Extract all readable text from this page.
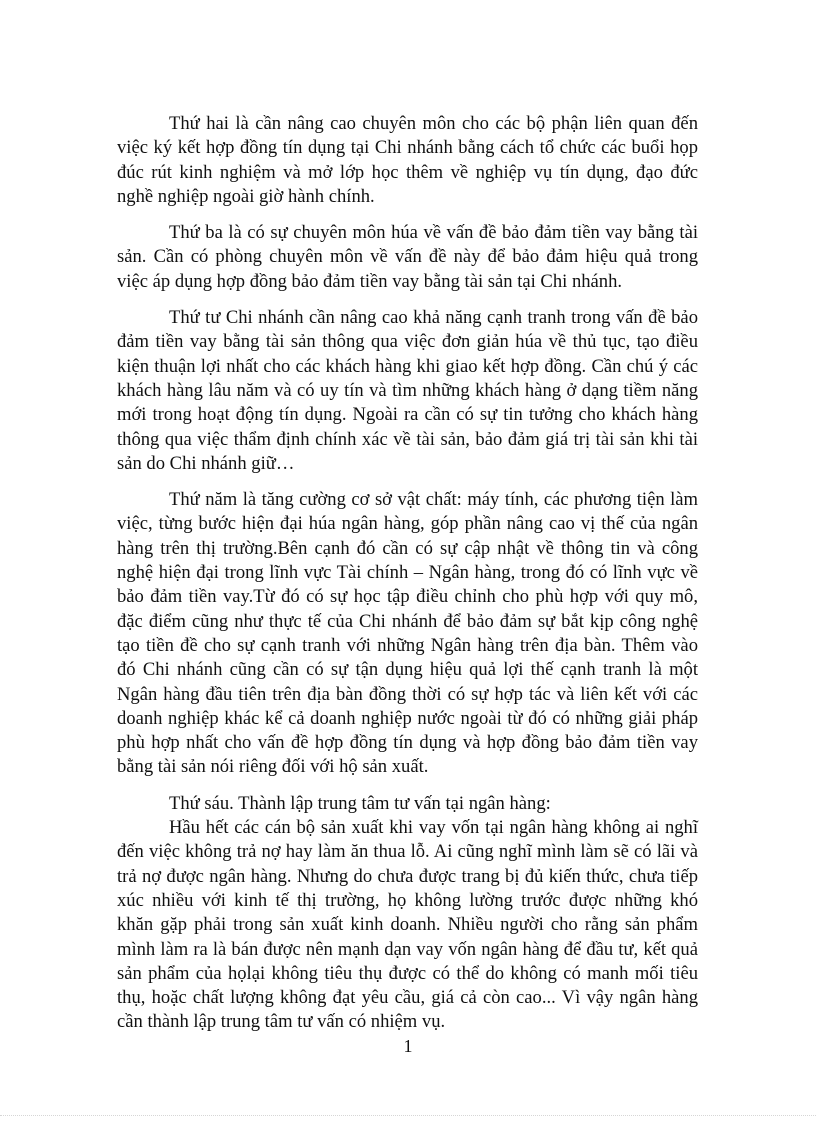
Thứ hai là cần nâng cao chuyên môn cho các bộ phận liên quan đến
việc ký kết hợp đồng tín dụng tại Chi nhánh bằng cách tổ chức các buổi họp
đúc rút kinh nghiệm và mở lớp học thêm về nghiệp vụ tín dụng, đạo đức
nghề nghiệp ngoài giờ hành chính.
Thứ ba là có sự chuyên môn húa về vấn đề bảo đảm tiền vay bằng tài
sản. Cần có phòng chuyên môn về vấn đề này để bảo đảm hiệu quả trong
việc áp dụng hợp đồng bảo đảm tiền vay bằng tài sản tại Chi nhánh.
Thứ tư Chi nhánh cần nâng cao khả năng cạnh tranh trong vấn đề bảo
đảm tiền vay bằng tài sản thông qua việc đơn giản húa về thủ tục, tạo điều
kiện thuận lợi nhất cho các khách hàng khi giao kết hợp đồng. Cần chú ý các
khách hàng lâu năm và có uy tín và tìm những khách hàng ở dạng tiềm năng
mới trong hoạt động tín dụng. Ngoài ra cần có sự tin tưởng cho khách hàng
thông qua việc thẩm định chính xác về tài sản, bảo đảm giá trị tài sản khi tài
sản do Chi nhánh giữ…
Thứ năm là tăng cường cơ sở vật chất: máy tính, các phương tiện làm
việc, từng bước hiện đại húa ngân hàng, góp phần nâng cao vị thế của ngân
hàng trên thị trường.Bên cạnh đó cần có sự cập nhật về thông tin và công
nghệ hiện đại trong lĩnh vực Tài chính – Ngân hàng, trong đó có lĩnh vực về
bảo đảm tiền vay.Từ đó có sự học tập điều chỉnh cho phù hợp với quy mô,
đặc điểm cũng như thực tế của Chi nhánh để bảo đảm sự bắt kịp công nghệ
tạo tiền đề cho sự cạnh tranh với những Ngân hàng trên địa bàn. Thêm vào
đó Chi nhánh cũng cần có sự tận dụng hiệu quả lợi thế cạnh tranh là một
Ngân hàng đầu tiên trên địa bàn đồng thời có sự hợp tác và liên kết với các
doanh nghiệp khác kể cả doanh nghiệp nước ngoài từ đó có những giải pháp
phù hợp nhất cho vấn đề hợp đồng tín dụng và hợp đồng bảo đảm tiền vay
bằng tài sản nói riêng đối với hộ sản xuất.
Thứ sáu. Thành lập trung tâm tư vấn tại ngân hàng:
Hầu hết các cán bộ sản xuất khi vay vốn tại ngân hàng không ai nghĩ
đến việc không trả nợ hay làm ăn thua lỗ. Ai cũng nghĩ mình làm sẽ có lãi và
trả nợ được ngân hàng. Nhưng do chưa được trang bị đủ kiến thức, chưa tiếp
xúc nhiều với kinh tế thị trường, họ không lường trước được những khó
khăn gặp phải trong sản xuất kinh doanh. Nhiều người cho rằng sản phẩm
mình làm ra là bán được nên mạnh dạn vay vốn ngân hàng để đầu tư, kết quả
sản phẩm của họlại không tiêu thụ được có thể do không có manh mối tiêu
thụ, hoặc chất lượng không đạt yêu cầu, giá cả còn cao... Vì vậy ngân hàng
cần thành lập trung tâm tư vấn có nhiệm vụ.
1
